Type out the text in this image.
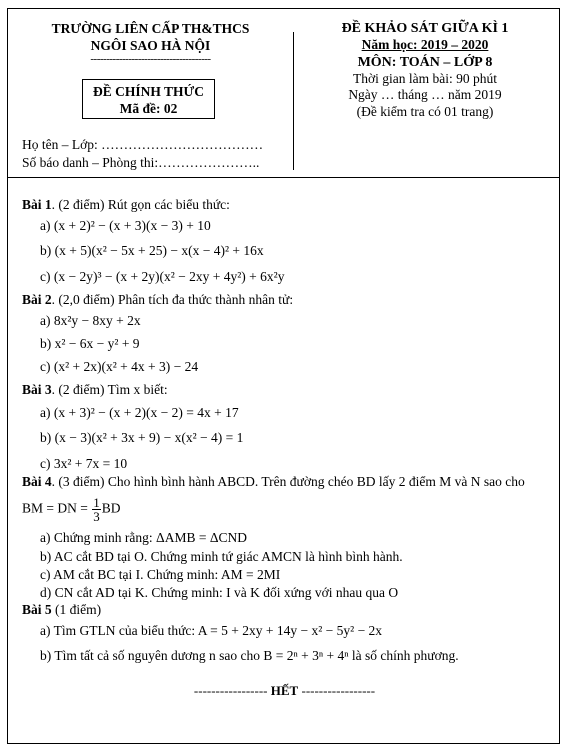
TRƯỜNG LIÊN CẤP TH&THCS
NGÔI SAO HÀ NỘI
--------------------------------------
ĐỀ CHÍNH THỨC
Mã đề: 02
ĐỀ KHẢO SÁT GIỮA KÌ 1
Năm học: 2019 – 2020
MÔN: TOÁN – LỚP 8
Thời gian làm bài: 90 phút
Ngày … tháng … năm 2019
(Đề kiểm tra có 01 trang)
Họ tên – Lớp: ………………………………
Số báo danh – Phòng thi:…………………..
Bài 1. (2 điểm) Rút gọn các biểu thức:
a) (x + 2)² − (x + 3)(x − 3) + 10
b) (x + 5)(x² − 5x + 25) − x(x − 4)² + 16x
c) (x − 2y)³ − (x + 2y)(x² − 2xy + 4y²) + 6x²y
Bài 2. (2,0 điểm) Phân tích đa thức thành nhân tử:
a) 8x²y − 8xy + 2x
b) x² − 6x − y² + 9
c) (x² + 2x)(x² + 4x + 3) − 24
Bài 3. (2 điểm) Tìm x biết:
a) (x + 3)² − (x + 2)(x − 2) = 4x + 17
b) (x − 3)(x² + 3x + 9) − x(x² − 4) = 1
c) 3x² + 7x = 10
Bài 4. (3 điểm) Cho hình bình hành ABCD. Trên đường chéo BD lấy 2 điểm M và N sao cho
BM = DN = $\frac{1}{3}$ BD
a) Chứng minh rằng: ΔAMB = ΔCND
b) AC cắt BD tại O. Chứng minh tứ giác AMCN là hình bình hành.
c) AM cắt BC tại I. Chứng minh: AM = 2MI
d) CN cắt AD tại K. Chứng minh: I và K đối xứng với nhau qua O
Bài 5 (1 điểm)
a) Tìm GTLN của biểu thức: A = 5 + 2xy + 14y − x² − 5y² − 2x
b) Tìm tất cả số nguyên dương n sao cho B = 2ⁿ + 3ⁿ + 4ⁿ là số chính phương.
----------------- HẾT -----------------
